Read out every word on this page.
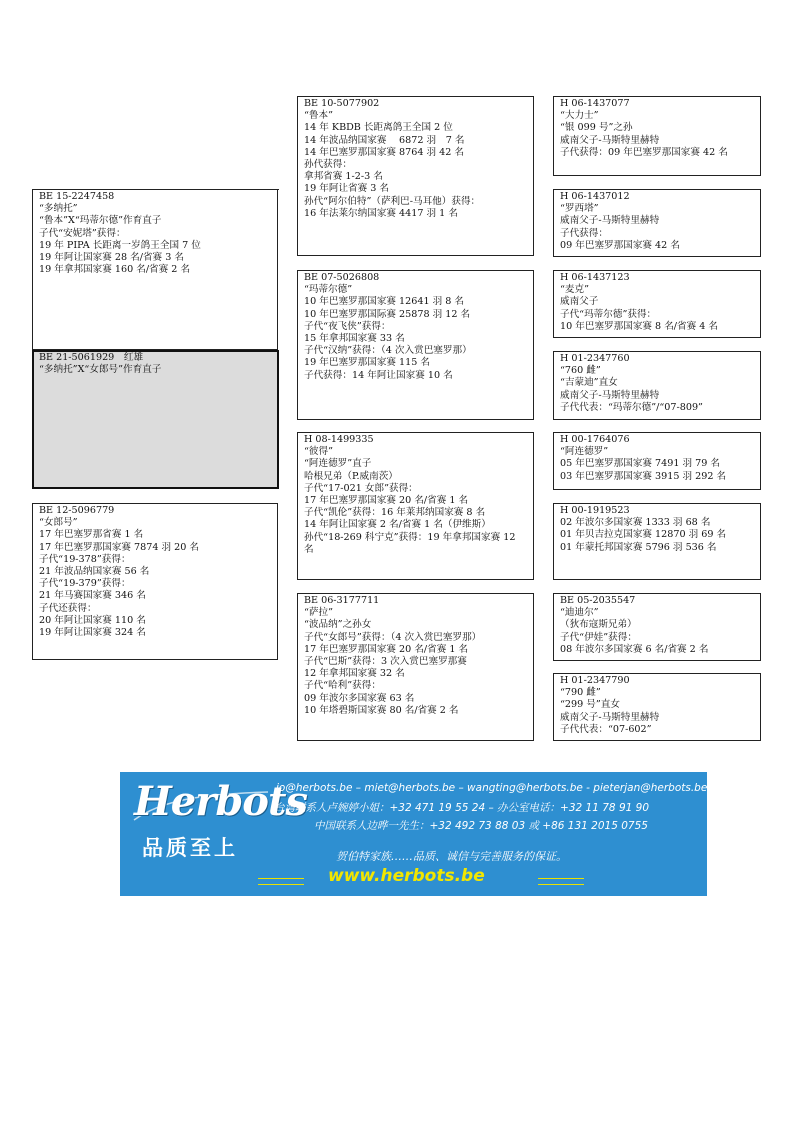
BE 15-2247458
“多纳托”
“鲁本”X“玛蒂尔德”作育直子
子代“安妮塔”获得：
19 年 PIPA 长距离一岁鸽王全国 7 位
19 年阿让国家赛 28 名/省赛 3 名
19 年拿邦国家赛 160 名/省赛 2 名
BE 21-5061929　红雄
“多纳托”X“女郎号”作育直子
BE 12-5096779
“女郎号”
17 年巴塞罗那省赛 1 名
17 年巴塞罗那国家赛 7874 羽 20 名
子代“19-378”获得：
21 年波品纳国家赛 56 名
子代“19-379”获得：
21 年马赛国家赛 346 名
子代还获得：
20 年阿让国家赛 110 名
19 年阿让国家赛 324 名
BE 10-5077902
“鲁本”
14 年 KBDB 长距离鸽王全国 2 位
14 年波品纳国家赛　 6872 羽　7 名
14 年巴塞罗那国家赛 8764 羽 42 名
孙代获得：
拿邦省赛 1-2-3 名
19 年阿让省赛 3 名
孙代“阿尔伯特”（萨利巴-马耳他）获得：
16 年法莱尔纳国家赛 4417 羽 1 名
BE 07-5026808
“玛蒂尔德”
10 年巴塞罗那国家赛 12641 羽 8 名
10 年巴塞罗那国际赛 25878 羽 12 名
子代“夜飞侠”获得：
15 年拿邦国家赛 33 名
子代“汉纳”获得：（4 次入赏巴塞罗那）
19 年巴塞罗那国家赛 115 名
子代获得：14 年阿让国家赛 10 名
H 08-1499335
“彼得”
“阿连德罗”直子
哈根兄弟（P.威南茨）
子代“17-021 女郎”获得：
17 年巴塞罗那国家赛 20 名/省赛 1 名
子代“凯伦”获得：16 年莱邦纳国家赛 8 名
14 年阿让国家赛 2 名/省赛 1 名（伊维斯）
孙代“18-269 科宁克”获得：19 年拿邦国家赛 12 名
BE 06-3177711
“萨拉”
“波品纳”之孙女
子代“女郎号”获得：（4 次入赏巴塞罗那）
17 年巴塞罗那国家赛 20 名/省赛 1 名
子代“巴斯”获得：3 次入赏巴塞罗那赛
12 年拿邦国家赛 32 名
子代“哈利”获得：
09 年波尔多国家赛 63 名
10 年塔碧斯国家赛 80 名/省赛 2 名
H 06-1437077
“大力士”
“银 099 号”之孙
威南父子-马斯特里赫特
子代获得：09 年巴塞罗那国家赛 42 名
H 06-1437012
“罗西塔”
威南父子-马斯特里赫特
子代获得：
09 年巴塞罗那国家赛 42 名
H 06-1437123
“麦克”
威南父子
子代“玛蒂尔德”获得：
10 年巴塞罗那国家赛 8 名/省赛 4 名
H 01-2347760
“760 雌”
“吉蒙迪”直女
威南父子-马斯特里赫特
子代代表：“玛蒂尔德”/“07-809”
H 00-1764076
“阿连德罗”
05 年巴塞罗那国家赛 7491 羽 79 名
03 年巴塞罗那国家赛 3915 羽 292 名
H 00-1919523
02 年波尔多国家赛 1333 羽 68 名
01 年贝吉拉克国家赛 12870 羽 69 名
01 年蒙托邦国家赛 5796 羽 536 名
BE 05-2035547
“迪迪尔”
（狄布寇斯兄弟）
子代“伊娃”获得：
08 年波尔多国家赛 6 名/省赛 2 名
H 01-2347790
“790 雌”
“299 号”直女
威南父子-马斯特里赫特
子代代表：“07-602”
Herbots
品质至上
jo@herbots.be – miet@herbots.be – wangting@herbots.be - pieterjan@herbots.be
台湾联系人卢婉婷小姐：+32 471 19 55 24 – 办公室电话：+32 11 78 91 90
中国联系人边晔一先生：+32 492 73 88 03 或 +86 131 2015 0755
贺伯特家族……品质、诚信与完善服务的保证。
www.herbots.be
